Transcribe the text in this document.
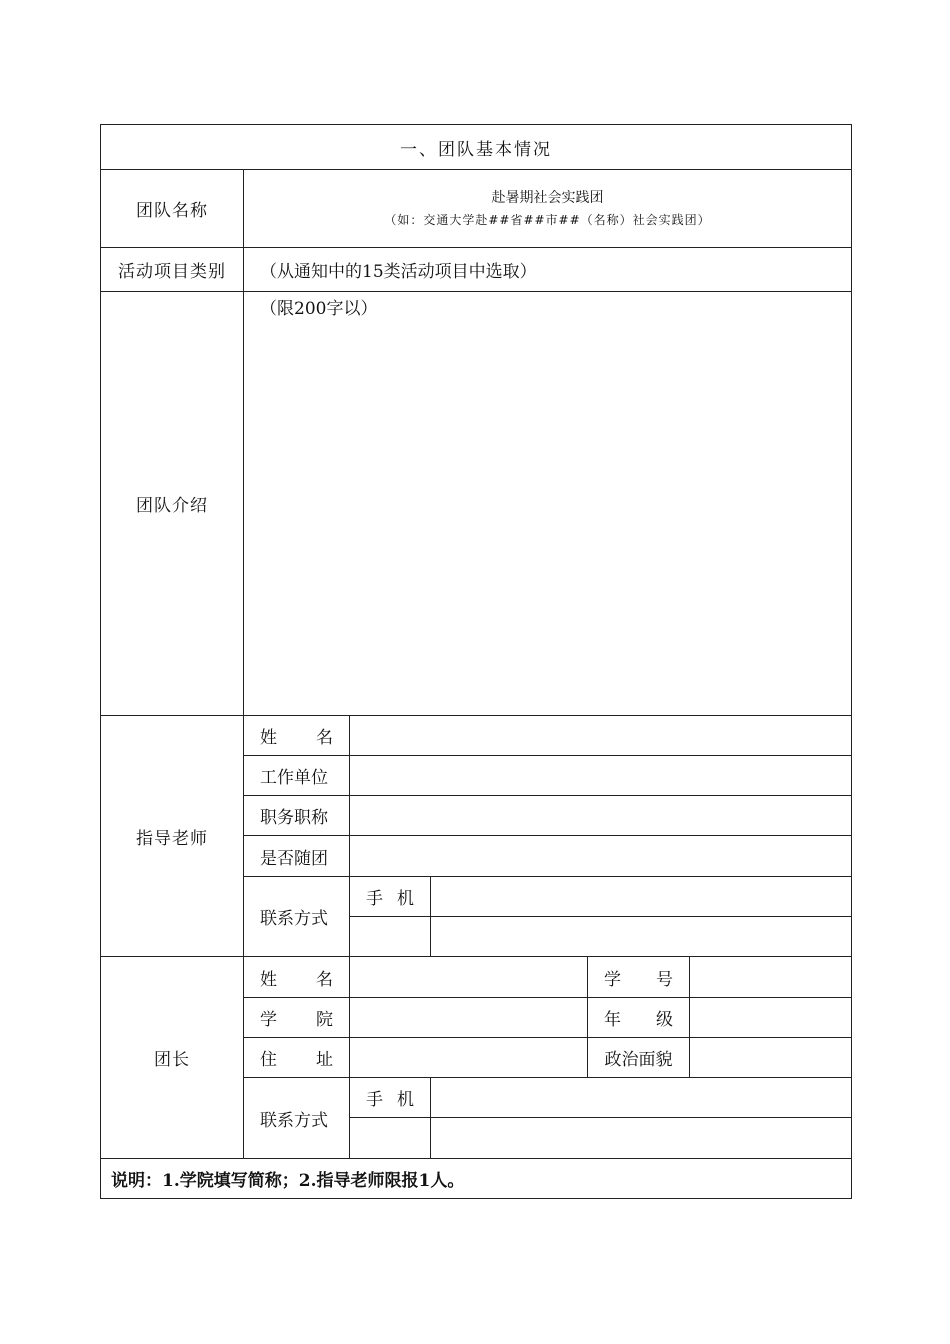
一、团队基本情况					
团队名称	赴暑期社会实践团
（如：交通大学赴##省##市##（名称）社会实践团）				

活动项目类别	（从通知中的15类活动项目中选取）				
团队介绍	（限200字以）				
指导老师	姓 名				

	工作单位				
	职务职称				
	是否随团				
	联系方式	手 机			

团长	姓 名			学 号	

	学 院			年 级	

	住 址			政治面貌	
	联系方式	手 机			

说明：1.学院填写简称；2.指导老师限报1人。					
